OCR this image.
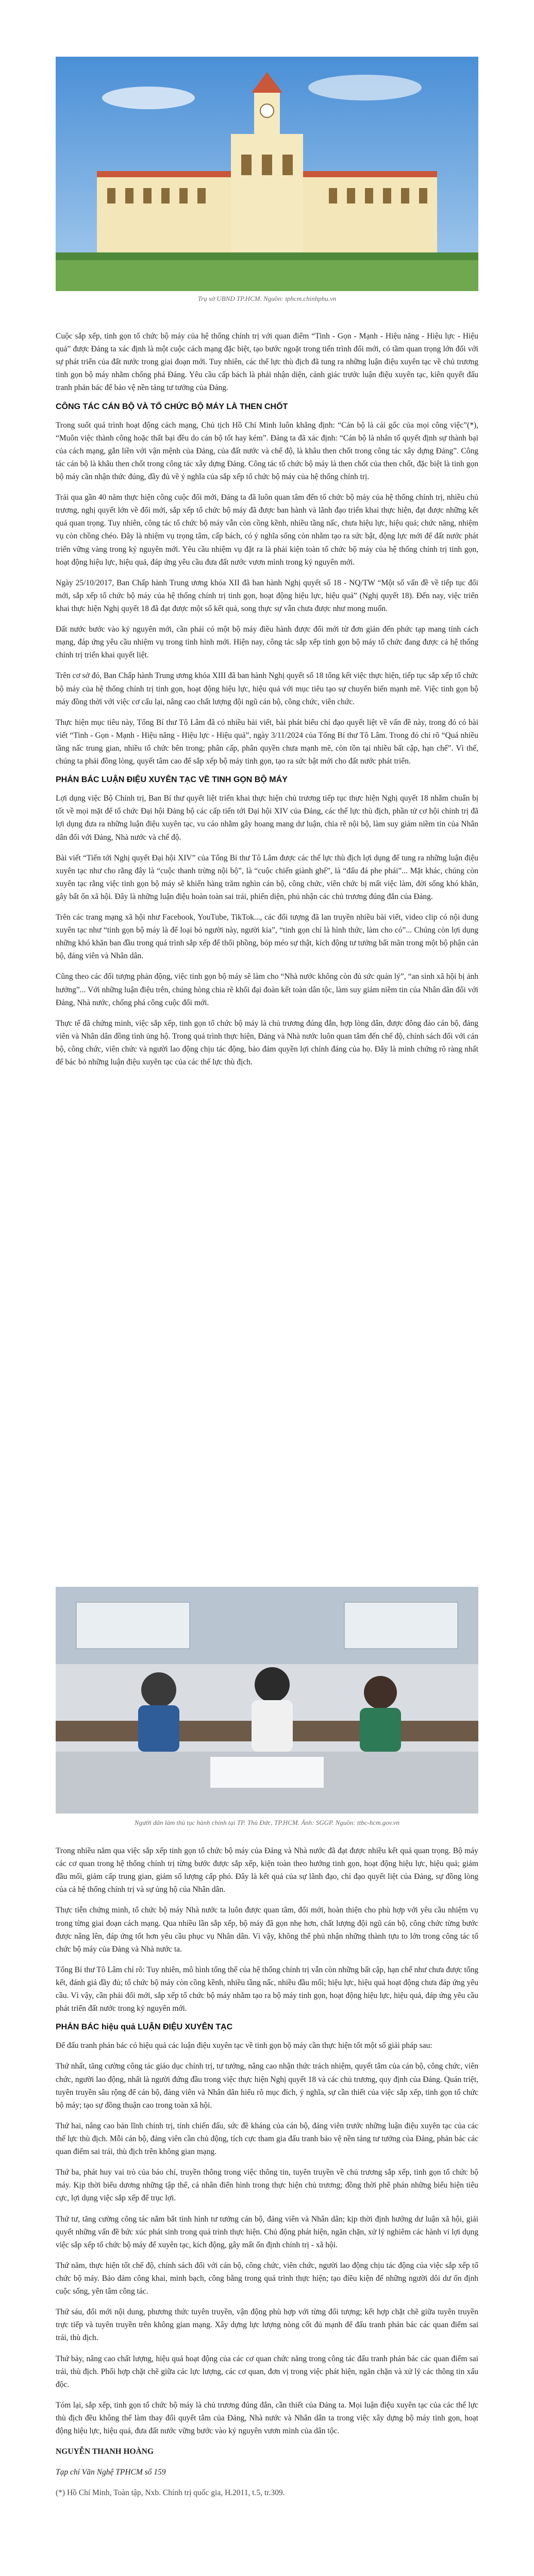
Trụ sở UBND TP.HCM. Nguồn: tphcm.chinhphu.vn

Cuộc sắp xếp, tinh gọn tổ chức bộ máy của hệ thống chính trị với quan điểm “Tinh - Gọn - Mạnh - Hiệu năng - Hiệu lực - Hiệu quả” được Đảng ta xác định là một cuộc cách mạng đặc biệt, tạo bước ngoặt trong tiến trình đổi mới, có tầm quan trọng lớn đối với sự phát triển của đất nước trong giai đoạn mới. Tuy nhiên, các thế lực thù địch đã tung ra những luận điệu xuyên tạc về chủ trương tinh gọn bộ máy nhằm chống phá Đảng. Yêu cầu cấp bách là phải nhận diện, cảnh giác trước luận điệu xuyên tạc, kiên quyết đấu tranh phản bác để bảo vệ nền tảng tư tưởng của Đảng.

CÔNG TÁC CÁN BỘ VÀ TỔ CHỨC BỘ MÁY LÀ THEN CHỐT

Trong suốt quá trình hoạt động cách mạng, Chủ tịch Hồ Chí Minh luôn khẳng định: “Cán bộ là cái gốc của mọi công việc”(*), “Muôn việc thành công hoặc thất bại đều do cán bộ tốt hay kém”. Đảng ta đã xác định: “Cán bộ là nhân tố quyết định sự thành bại của cách mạng, gắn liền với vận mệnh của Đảng, của đất nước và chế độ, là khâu then chốt trong công tác xây dựng Đảng”. Công tác cán bộ là khâu then chốt trong công tác xây dựng Đảng. Công tác tổ chức bộ máy là then chốt của then chốt, đặc biệt là tinh gọn bộ máy cần nhận thức đúng, đầy đủ về ý nghĩa của sắp xếp tổ chức bộ máy của hệ thống chính trị.

Trải qua gần 40 năm thực hiện công cuộc đổi mới, Đảng ta đã luôn quan tâm đến tổ chức bộ máy của hệ thống chính trị, nhiều chủ trương, nghị quyết lớn về đổi mới, sắp xếp tổ chức bộ máy đã được ban hành và lãnh đạo triển khai thực hiện, đạt được những kết quả quan trọng. Tuy nhiên, công tác tổ chức bộ máy vẫn còn cồng kềnh, nhiều tầng nấc, chưa hiệu lực, hiệu quả; chức năng, nhiệm vụ còn chồng chéo. Đây là nhiệm vụ trọng tâm, cấp bách, có ý nghĩa sống còn nhằm tạo ra sức bật, động lực mới để đất nước phát triển vững vàng trong kỷ nguyên mới. Yêu cầu nhiệm vụ đặt ra là phải kiện toàn tổ chức bộ máy của hệ thống chính trị tinh gọn, hoạt động hiệu lực, hiệu quả, đáp ứng yêu cầu đưa đất nước vươn mình trong kỷ nguyên mới.

Ngày 25/10/2017, Ban Chấp hành Trung ương khóa XII đã ban hành Nghị quyết số 18 - NQ/TW “Một số vấn đề về tiếp tục đổi mới, sắp xếp tổ chức bộ máy của hệ thống chính trị tinh gọn, hoạt động hiệu lực, hiệu quả” (Nghị quyết 18). Đến nay, việc triển khai thực hiện Nghị quyết 18 đã đạt được một số kết quả, song thực sự vẫn chưa được như mong muốn.

Đất nước bước vào kỷ nguyên mới, cần phải có một bộ máy điều hành được đổi mới từ đơn giản đến phức tạp mang tính cách mạng, đáp ứng yêu cầu nhiệm vụ trong tình hình mới. Hiện nay, công tác sắp xếp tinh gọn bộ máy tổ chức đang được cả hệ thống chính trị triển khai quyết liệt.

Trên cơ sở đó, Ban Chấp hành Trung ương khóa XIII đã ban hành Nghị quyết số 18 tổng kết việc thực hiện, tiếp tục sắp xếp tổ chức bộ máy của hệ thống chính trị tinh gọn, hoạt động hiệu lực, hiệu quả với mục tiêu tạo sự chuyển biến mạnh mẽ. Việc tinh gọn bộ máy đồng thời với việc cơ cấu lại, nâng cao chất lượng đội ngũ cán bộ, công chức, viên chức.

Thực hiện mục tiêu này, Tổng Bí thư Tô Lâm đã có nhiều bài viết, bài phát biểu chỉ đạo quyết liệt về vấn đề này, trong đó có bài viết “Tinh - Gọn - Mạnh - Hiệu năng - Hiệu lực - Hiệu quả”, ngày 3/11/2024 của Tổng Bí thư Tô Lâm. Trong đó chỉ rõ “Quá nhiều tầng nấc trung gian, nhiều tổ chức bên trong; phân cấp, phân quyền chưa mạnh mẽ, còn tồn tại nhiều bất cập, hạn chế”. Vì thế, chúng ta phải đồng lòng, quyết tâm cao để sắp xếp bộ máy tinh gọn, tạo ra sức bật mới cho đất nước phát triển.

PHẢN BÁC LUẬN ĐIỆU XUYÊN TẠC VỀ TINH GỌN BỘ MÁY

Lợi dụng việc Bộ Chính trị, Ban Bí thư quyết liệt triển khai thực hiện chủ trương tiếp tục thực hiện Nghị quyết 18 nhằm chuẩn bị tốt về mọi mặt để tổ chức Đại hội Đảng bộ các cấp tiến tới Đại hội XIV của Đảng, các thế lực thù địch, phần tử cơ hội chính trị đã lợi dụng đưa ra những luận điệu xuyên tạc, vu cáo nhằm gây hoang mang dư luận, chia rẽ nội bộ, làm suy giảm niềm tin của Nhân dân đối với Đảng, Nhà nước và chế độ.

Bài viết “Tiến tới Nghị quyết Đại hội XIV” của Tổng Bí thư Tô Lâm được các thế lực thù địch lợi dụng để tung ra những luận điệu xuyên tạc như cho rằng đây là “cuộc thanh trừng nội bộ”, là “cuộc chiến giành ghế”, là “đấu đá phe phái”... Mặt khác, chúng còn xuyên tạc rằng việc tinh gọn bộ máy sẽ khiến hàng trăm nghìn cán bộ, công chức, viên chức bị mất việc làm, đời sống khó khăn, gây bất ổn xã hội. Đây là những luận điệu hoàn toàn sai trái, phiến diện, phủ nhận các chủ trương đúng đắn của Đảng.

Trên các trang mạng xã hội như Facebook, YouTube, TikTok..., các đối tượng đã lan truyền nhiều bài viết, video clip có nội dung xuyên tạc như “tinh gọn bộ máy là để loại bỏ người này, người kia”, “tinh gọn chỉ là hình thức, làm cho có”... Chúng còn lợi dụng những khó khăn ban đầu trong quá trình sắp xếp để thổi phồng, bóp méo sự thật, kích động tư tưởng bất mãn trong một bộ phận cán bộ, đảng viên và Nhân dân.

Cũng theo các đối tượng phản động, việc tinh gọn bộ máy sẽ làm cho “Nhà nước không còn đủ sức quản lý”, “an sinh xã hội bị ảnh hưởng”... Với những luận điệu trên, chúng hòng chia rẽ khối đại đoàn kết toàn dân tộc, làm suy giảm niềm tin của Nhân dân đối với Đảng, Nhà nước, chống phá công cuộc đổi mới.

Thực tế đã chứng minh, việc sắp xếp, tinh gọn tổ chức bộ máy là chủ trương đúng đắn, hợp lòng dân, được đông đảo cán bộ, đảng viên và Nhân dân đồng tình ủng hộ. Trong quá trình thực hiện, Đảng và Nhà nước luôn quan tâm đến chế độ, chính sách đối với cán bộ, công chức, viên chức và người lao động chịu tác động, bảo đảm quyền lợi chính đáng của họ. Đây là minh chứng rõ ràng nhất để bác bỏ những luận điệu xuyên tạc của các thế lực thù địch.

Người dân làm thủ tục hành chính tại TP. Thủ Đức, TP.HCM. Ảnh: SGGP. Nguồn: ttbc-hcm.gov.vn

Trong nhiều năm qua việc sắp xếp tinh gọn tổ chức bộ máy của Đảng và Nhà nước đã đạt được nhiều kết quả quan trọng. Bộ máy các cơ quan trong hệ thống chính trị từng bước được sắp xếp, kiện toàn theo hướng tinh gọn, hoạt động hiệu lực, hiệu quả; giảm đầu mối, giảm cấp trung gian, giảm số lượng cấp phó. Đây là kết quả của sự lãnh đạo, chỉ đạo quyết liệt của Đảng, sự đồng lòng của cả hệ thống chính trị và sự ủng hộ của Nhân dân.

Thực tiễn chứng minh, tổ chức bộ máy Nhà nước ta luôn được quan tâm, đổi mới, hoàn thiện cho phù hợp với yêu cầu nhiệm vụ trong từng giai đoạn cách mạng. Qua nhiều lần sắp xếp, bộ máy đã gọn nhẹ hơn, chất lượng đội ngũ cán bộ, công chức từng bước được nâng lên, đáp ứng tốt hơn yêu cầu phục vụ Nhân dân. Vì vậy, không thể phủ nhận những thành tựu to lớn trong công tác tổ chức bộ máy của Đảng và Nhà nước ta.

Tổng Bí thư Tô Lâm chỉ rõ: Tuy nhiên, mô hình tổng thể của hệ thống chính trị vẫn còn những bất cập, hạn chế như chưa được tổng kết, đánh giá đầy đủ; tổ chức bộ máy còn cồng kềnh, nhiều tầng nấc, nhiều đầu mối; hiệu lực, hiệu quả hoạt động chưa đáp ứng yêu cầu. Vì vậy, cần phải đổi mới, sắp xếp tổ chức bộ máy nhằm tạo ra bộ máy tinh gọn, hoạt động hiệu lực, hiệu quả, đáp ứng yêu cầu phát triển đất nước trong kỷ nguyên mới.

PHẢN BÁC hiệu quả LUẬN ĐIỆU XUYÊN TẠC

Để đấu tranh phản bác có hiệu quả các luận điệu xuyên tạc về tinh gọn bộ máy cần thực hiện tốt một số giải pháp sau:

Thứ nhất, tăng cường công tác giáo dục chính trị, tư tưởng, nâng cao nhận thức trách nhiệm, quyết tâm của cán bộ, công chức, viên chức, người lao động, nhất là người đứng đầu trong việc thực hiện Nghị quyết 18 và các chủ trương, quy định của Đảng. Quán triệt, tuyên truyền sâu rộng để cán bộ, đảng viên và Nhân dân hiểu rõ mục đích, ý nghĩa, sự cần thiết của việc sắp xếp, tinh gọn tổ chức bộ máy; tạo sự đồng thuận cao trong toàn xã hội.

Thứ hai, nâng cao bản lĩnh chính trị, tính chiến đấu, sức đề kháng của cán bộ, đảng viên trước những luận điệu xuyên tạc của các thế lực thù địch. Mỗi cán bộ, đảng viên cần chủ động, tích cực tham gia đấu tranh bảo vệ nền tảng tư tưởng của Đảng, phản bác các quan điểm sai trái, thù địch trên không gian mạng.

Thứ ba, phát huy vai trò của báo chí, truyền thông trong việc thông tin, tuyên truyền về chủ trương sắp xếp, tinh gọn tổ chức bộ máy. Kịp thời biểu dương những tập thể, cá nhân điển hình trong thực hiện chủ trương; đồng thời phê phán những biểu hiện tiêu cực, lợi dụng việc sắp xếp để trục lợi.

Thứ tư, tăng cường công tác nắm bắt tình hình tư tưởng cán bộ, đảng viên và Nhân dân; kịp thời định hướng dư luận xã hội, giải quyết những vấn đề bức xúc phát sinh trong quá trình thực hiện. Chủ động phát hiện, ngăn chặn, xử lý nghiêm các hành vi lợi dụng việc sắp xếp tổ chức bộ máy để xuyên tạc, kích động, gây mất ổn định chính trị - xã hội.

Thứ năm, thực hiện tốt chế độ, chính sách đối với cán bộ, công chức, viên chức, người lao động chịu tác động của việc sắp xếp tổ chức bộ máy. Bảo đảm công khai, minh bạch, công bằng trong quá trình thực hiện; tạo điều kiện để những người dôi dư ổn định cuộc sống, yên tâm công tác.

Thứ sáu, đổi mới nội dung, phương thức tuyên truyền, vận động phù hợp với từng đối tượng; kết hợp chặt chẽ giữa tuyên truyền trực tiếp và tuyên truyền trên không gian mạng. Xây dựng lực lượng nòng cốt đủ mạnh để đấu tranh phản bác các quan điểm sai trái, thù địch.

Thứ bảy, nâng cao chất lượng, hiệu quả hoạt động của các cơ quan chức năng trong công tác đấu tranh phản bác các quan điểm sai trái, thù địch. Phối hợp chặt chẽ giữa các lực lượng, các cơ quan, đơn vị trong việc phát hiện, ngăn chặn và xử lý các thông tin xấu độc.

Tóm lại, sắp xếp, tinh gọn tổ chức bộ máy là chủ trương đúng đắn, cần thiết của Đảng ta. Mọi luận điệu xuyên tạc của các thế lực thù địch đều không thể làm thay đổi quyết tâm của Đảng, Nhà nước và Nhân dân ta trong việc xây dựng bộ máy tinh gọn, hoạt động hiệu lực, hiệu quả, đưa đất nước vững bước vào kỷ nguyên vươn mình của dân tộc.

NGUYỄN THANH HOÀNG

Tạp chí Văn Nghệ TPHCM số 159

(*) Hồ Chí Minh, Toàn tập, Nxb. Chính trị quốc gia, H.2011, t.5, tr.309.
